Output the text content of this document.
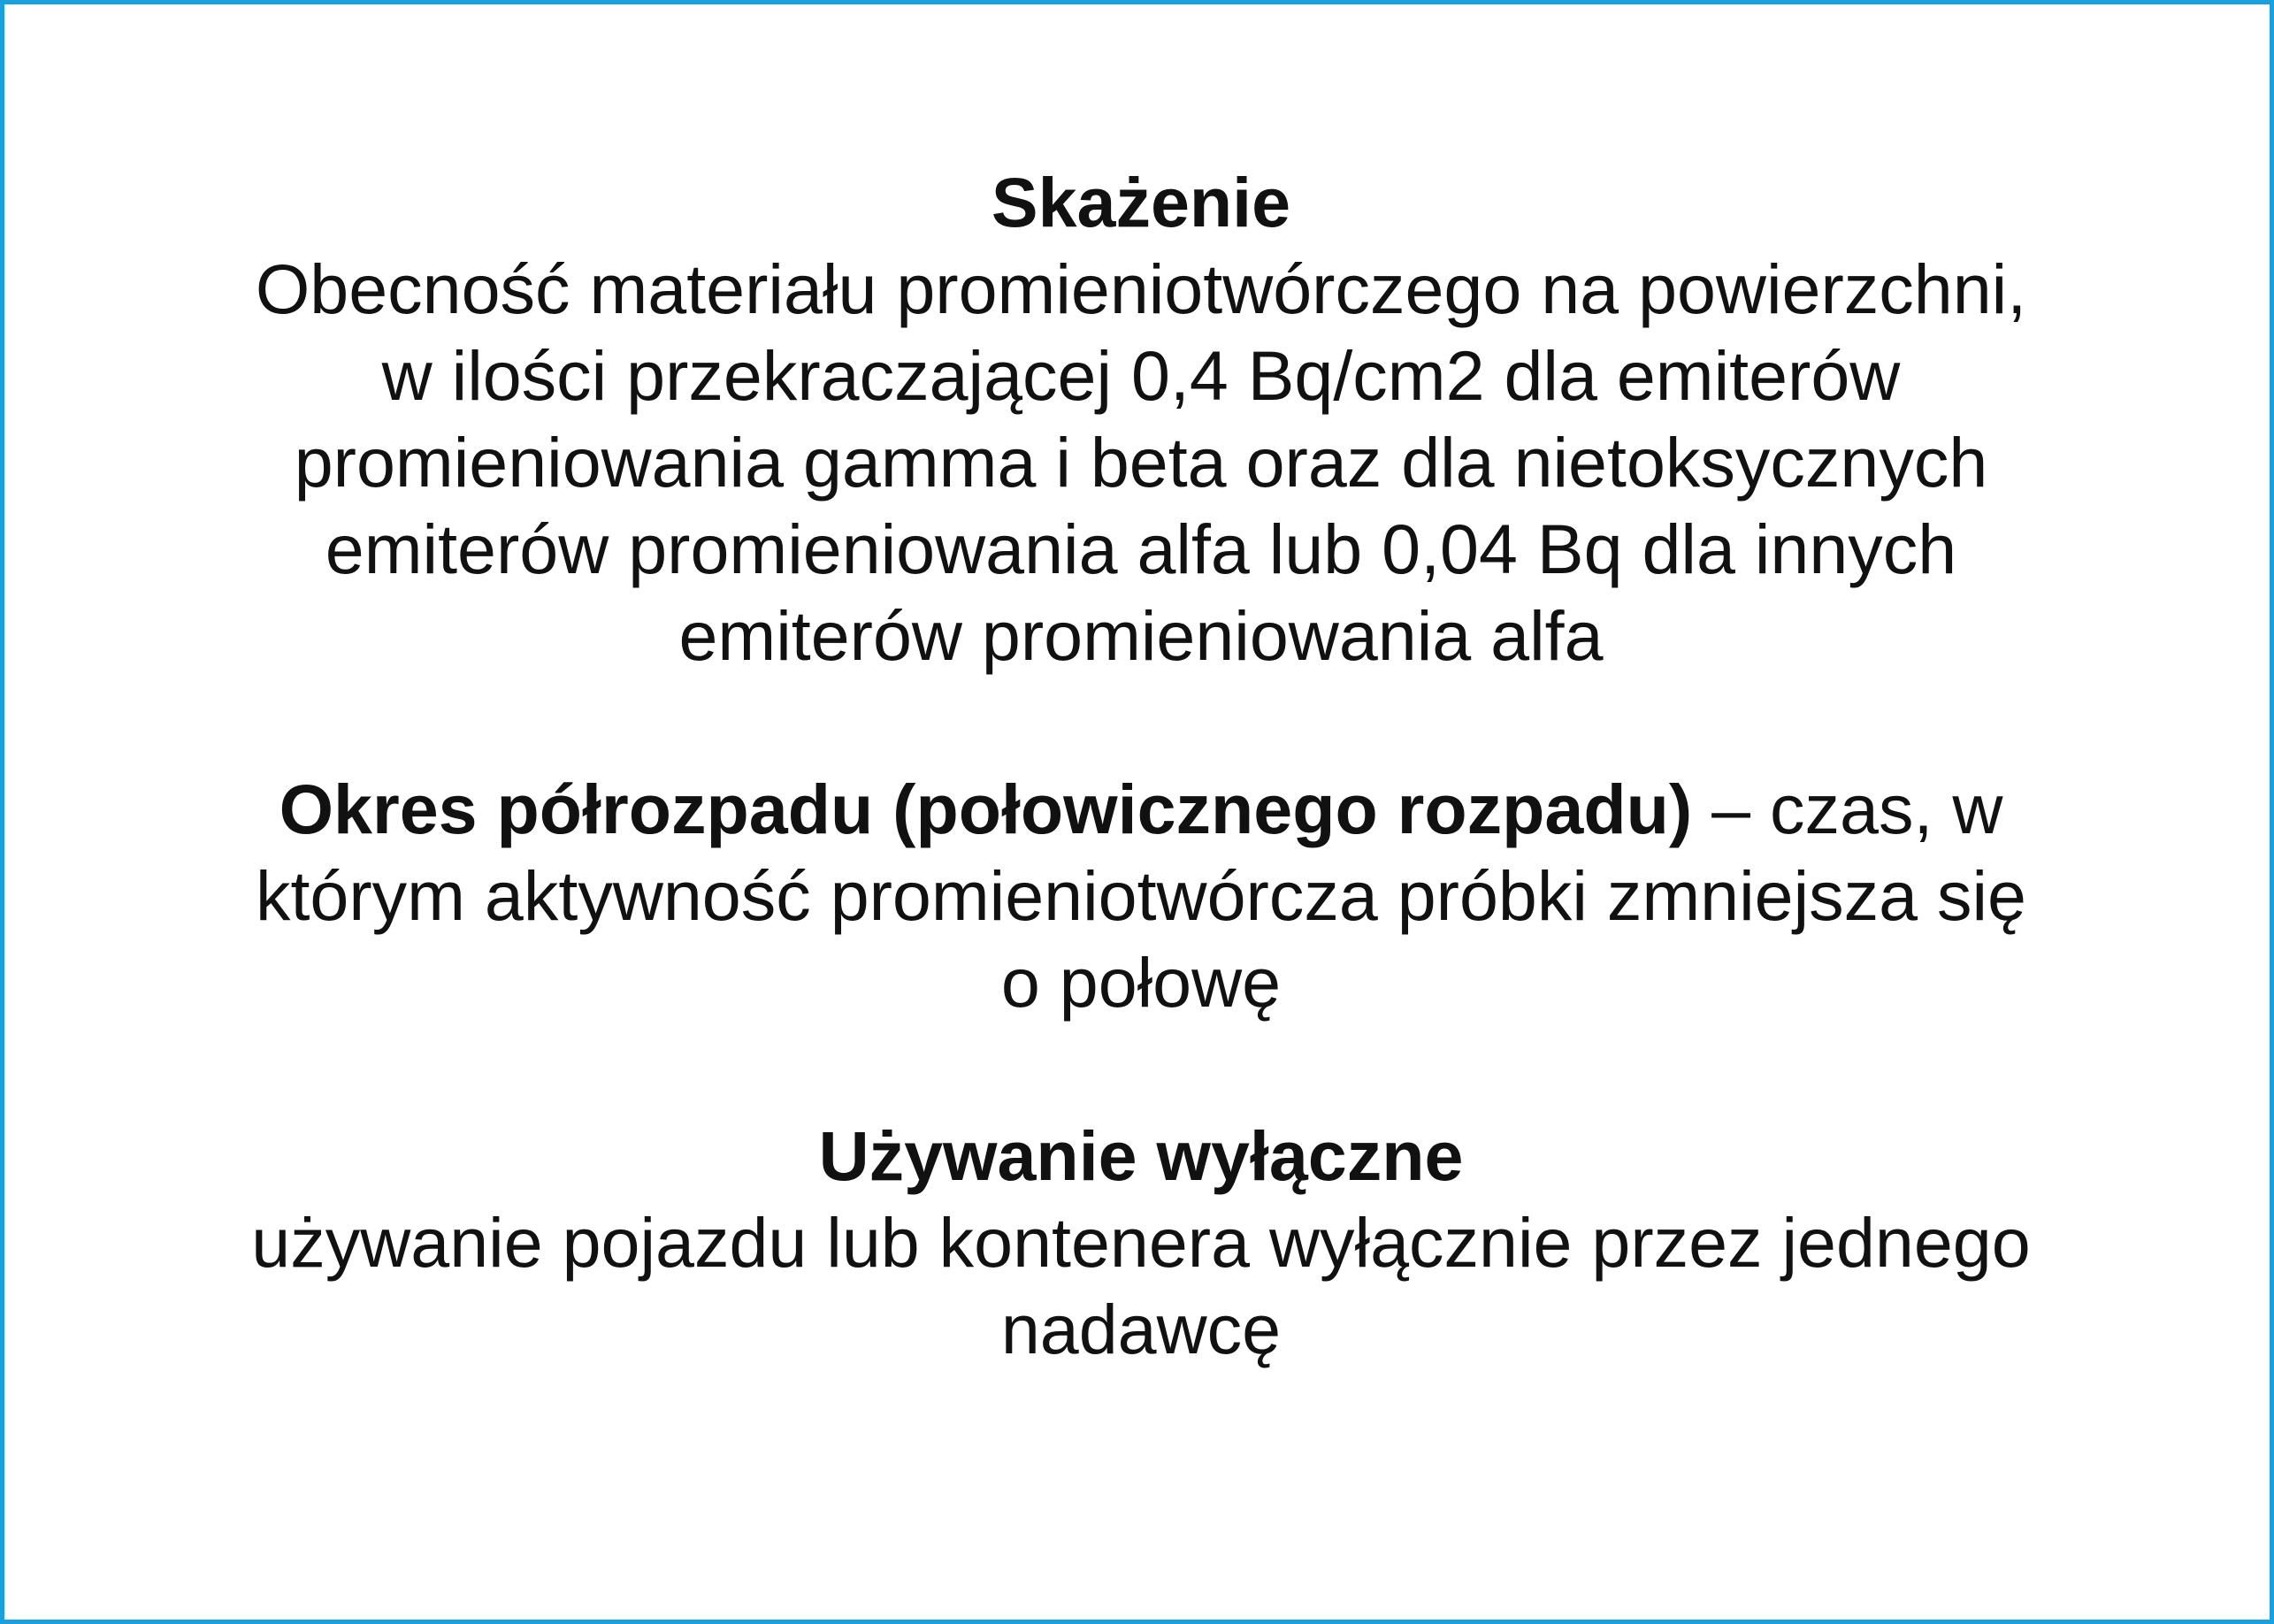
Skażenie
Obecność materiału promieniotwórczego na powierzchni,
w ilości przekraczającej 0,4 Bq/cm2 dla emiterów
promieniowania gamma i beta oraz dla nietoksycznych
emiterów promieniowania alfa lub 0,04 Bq dla innych
emiterów promieniowania alfa

Okres półrozpadu (połowicznego rozpadu) – czas, w
którym aktywność promieniotwórcza próbki zmniejsza się
o połowę

Używanie wyłączne
używanie pojazdu lub kontenera wyłącznie przez jednego
nadawcę
